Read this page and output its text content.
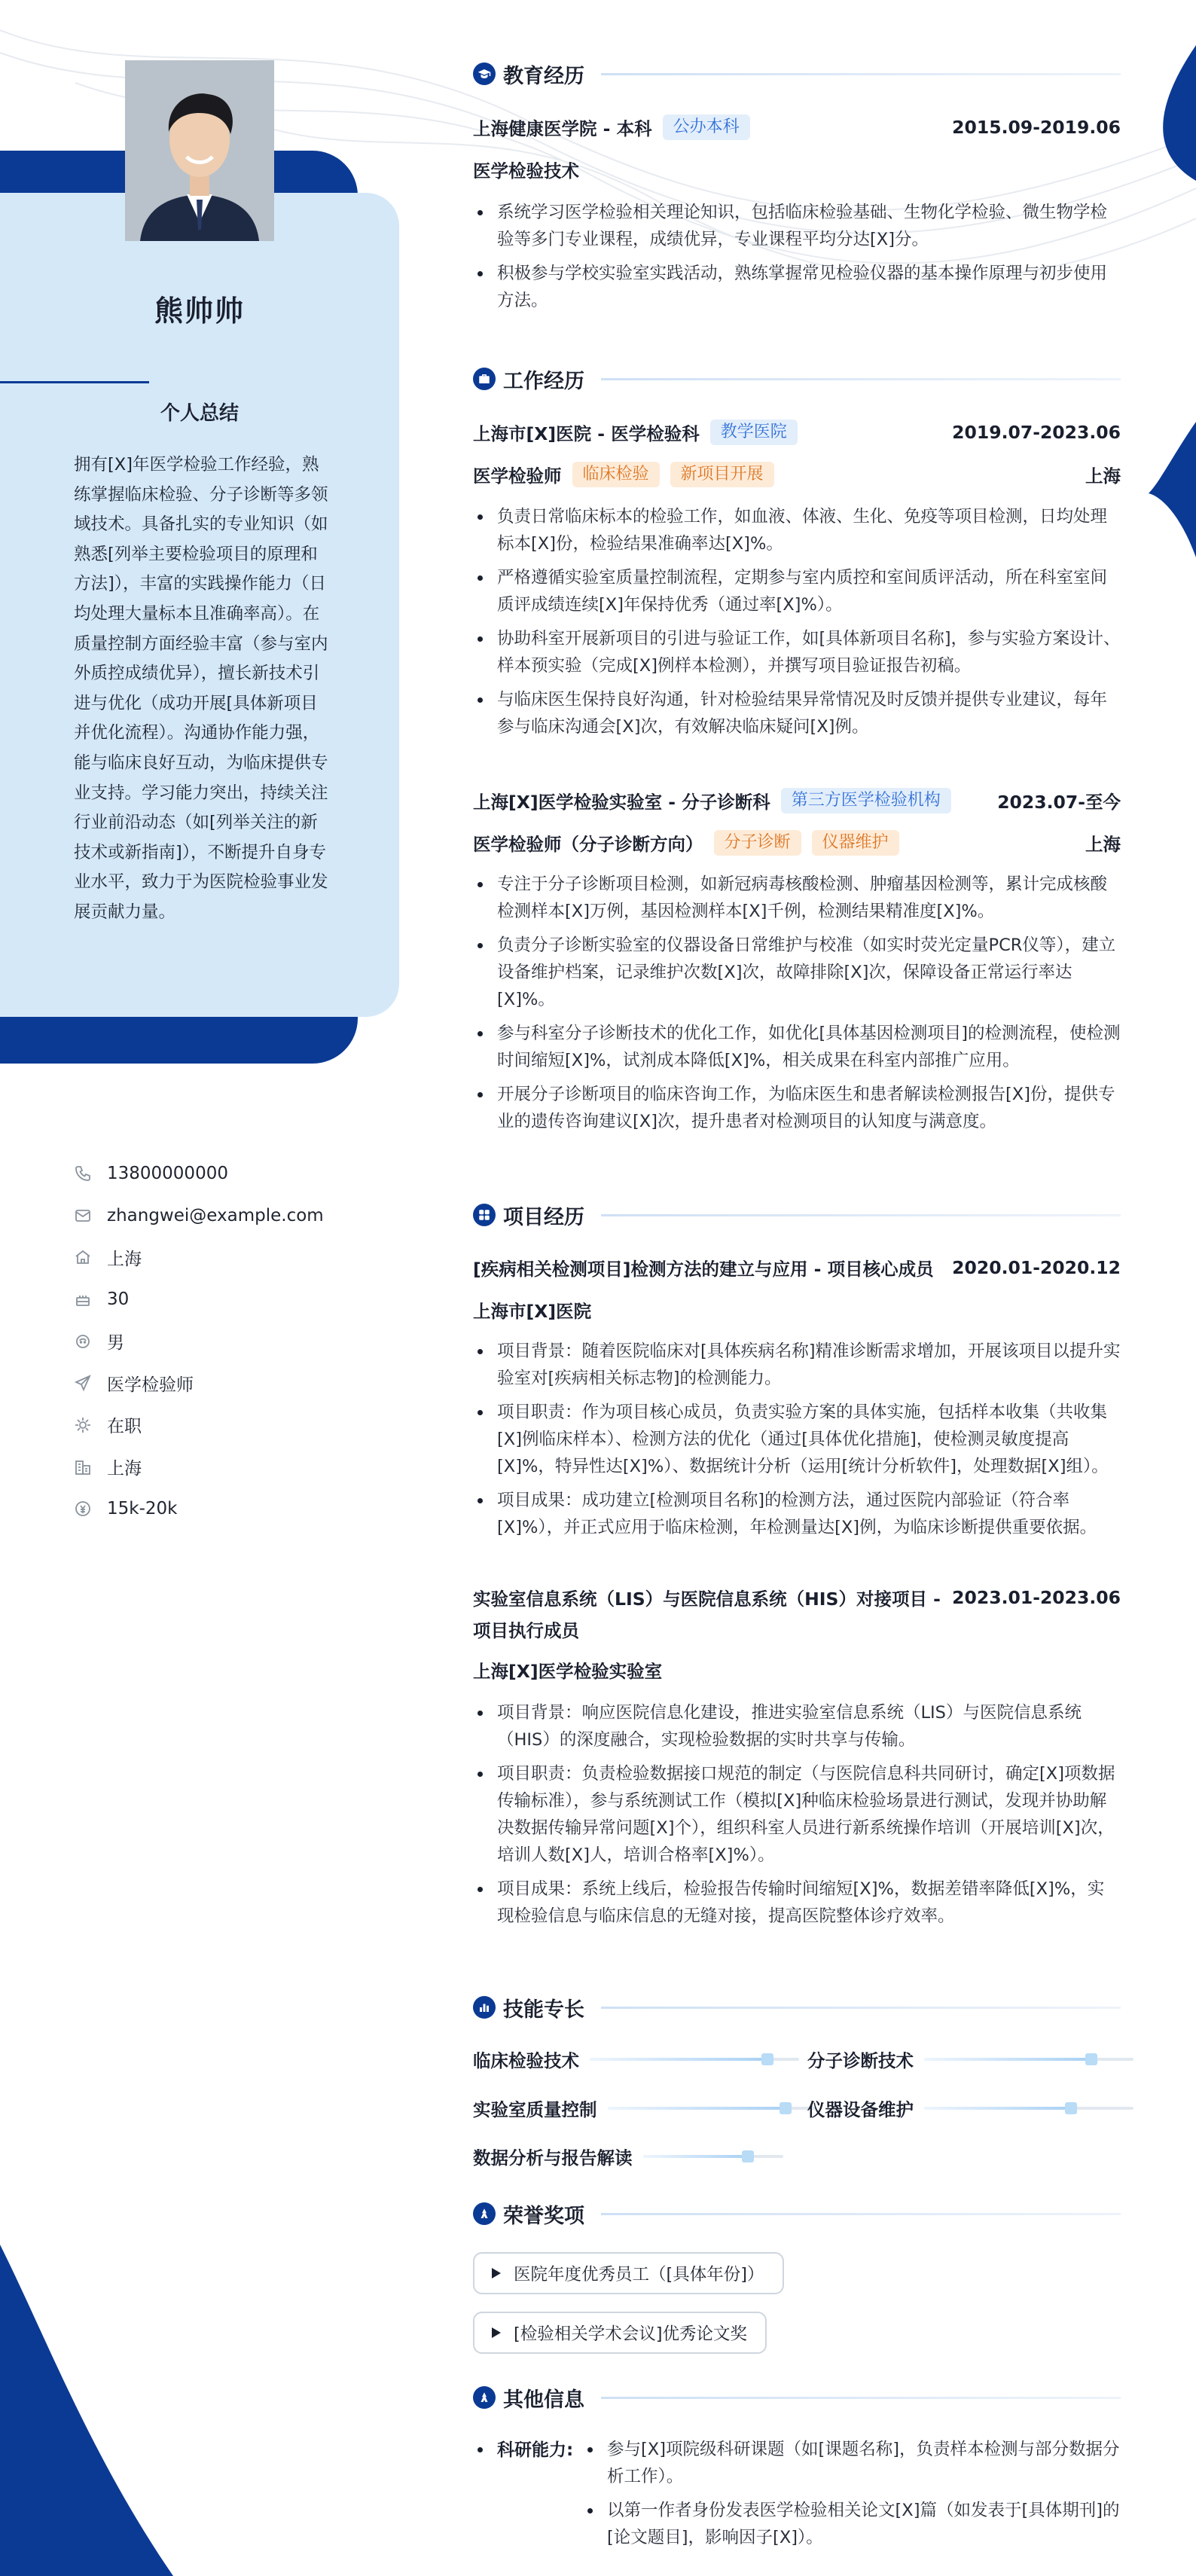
熊帅帅
个人总结
拥有[X]年医学检验工作经验，熟练掌握临床检验、分子诊断等多领域技术。具备扎实的专业知识（如熟悉[列举主要检验项目的原理和方法]），丰富的实践操作能力（日均处理大量标本且准确率高）。在质量控制方面经验丰富（参与室内外质控成绩优异），擅长新技术引进与优化（成功开展[具体新项目并优化流程）。沟通协作能力强，能与临床良好互动，为临床提供专业支持。学习能力突出，持续关注行业前沿动态（如[列举关注的新技术或新指南]），不断提升自身专业水平，致力于为医院检验事业发展贡献力量。
13800000000
zhangwei@example.com
上海
30
男
医学检验师
在职
上海
15k-20k
教育经历
上海健康医学院 - 本科	公办本科	2015.09-2019.06
医学检验技术
系统学习医学检验相关理论知识，包括临床检验基础、生物化学检验、微生物学检验等多门专业课程，成绩优异，专业课程平均分达[X]分。
积极参与学校实验室实践活动，熟练掌握常见检验仪器的基本操作原理与初步使用方法。
工作经历
上海市[X]医院 - 医学检验科	教学医院	2019.07-2023.06
医学检验师	临床检验	新项目开展	上海
负责日常临床标本的检验工作，如血液、体液、生化、免疫等项目检测，日均处理标本[X]份，检验结果准确率达[X]%。
严格遵循实验室质量控制流程，定期参与室内质控和室间质评活动，所在科室室间质评成绩连续[X]年保持优秀（通过率[X]%）。
协助科室开展新项目的引进与验证工作，如[具体新项目名称]，参与实验方案设计、样本预实验（完成[X]例样本检测），并撰写项目验证报告初稿。
与临床医生保持良好沟通，针对检验结果异常情况及时反馈并提供专业建议，每年参与临床沟通会[X]次，有效解决临床疑问[X]例。
上海[X]医学检验实验室 - 分子诊断科	第三方医学检验机构	2023.07-至今
医学检验师（分子诊断方向）	分子诊断	仪器维护	上海
专注于分子诊断项目检测，如新冠病毒核酸检测、肿瘤基因检测等，累计完成核酸检测样本[X]万例，基因检测样本[X]千例，检测结果精准度[X]%。
负责分子诊断实验室的仪器设备日常维护与校准（如实时荧光定量PCR仪等），建立设备维护档案，记录维护次数[X]次，故障排除[X]次，保障设备正常运行率达[X]%。
参与科室分子诊断技术的优化工作，如优化[具体基因检测项目]的检测流程，使检测时间缩短[X]%，试剂成本降低[X]%，相关成果在科室内部推广应用。
开展分子诊断项目的临床咨询工作，为临床医生和患者解读检测报告[X]份，提供专业的遗传咨询建议[X]次，提升患者对检测项目的认知度与满意度。
项目经历
[疾病相关检测项目]检测方法的建立与应用 - 项目核心成员 2020.01-2020.12
上海市[X]医院
项目背景：随着医院临床对[具体疾病名称]精准诊断需求增加，开展该项目以提升实验室对[疾病相关标志物]的检测能力。
项目职责：作为项目核心成员，负责实验方案的具体实施，包括样本收集（共收集[X]例临床样本）、检测方法的优化（通过[具体优化措施]，使检测灵敏度提高[X]%，特异性达[X]%）、数据统计分析（运用[统计分析软件]，处理数据[X]组）。
项目成果：成功建立[检测项目名称]的检测方法，通过医院内部验证（符合率[X]%），并正式应用于临床检测，年检测量达[X]例，为临床诊断提供重要依据。
实验室信息系统（LIS）与医院信息系统（HIS）对接项目 - 2023.01-2023.06
项目执行成员
上海[X]医学检验实验室
项目背景：响应医院信息化建设，推进实验室信息系统（LIS）与医院信息系统（HIS）的深度融合，实现检验数据的实时共享与传输。
项目职责：负责检验数据接口规范的制定（与医院信息科共同研讨，确定[X]项数据传输标准），参与系统测试工作（模拟[X]种临床检验场景进行测试，发现并协助解决数据传输异常问题[X]个），组织科室人员进行新系统操作培训（开展培训[X]次，培训人数[X]人，培训合格率[X]%）。
项目成果：系统上线后，检验报告传输时间缩短[X]%，数据差错率降低[X]%，实现检验信息与临床信息的无缝对接，提高医院整体诊疗效率。
技能专长
临床检验技术	分子诊断技术
实验室质量控制	仪器设备维护
数据分析与报告解读
荣誉奖项
医院年度优秀员工（[具体年份]）
[检验相关学术会议]优秀论文奖
其他信息
科研能力:	参与[X]项院级科研课题（如[课题名称]，负责样本检测与部分数据分析工作）。
以第一作者身份发表医学检验相关论文[X]篇（如发表于[具体期刊]的[论文题目]，影响因子[X]）。
